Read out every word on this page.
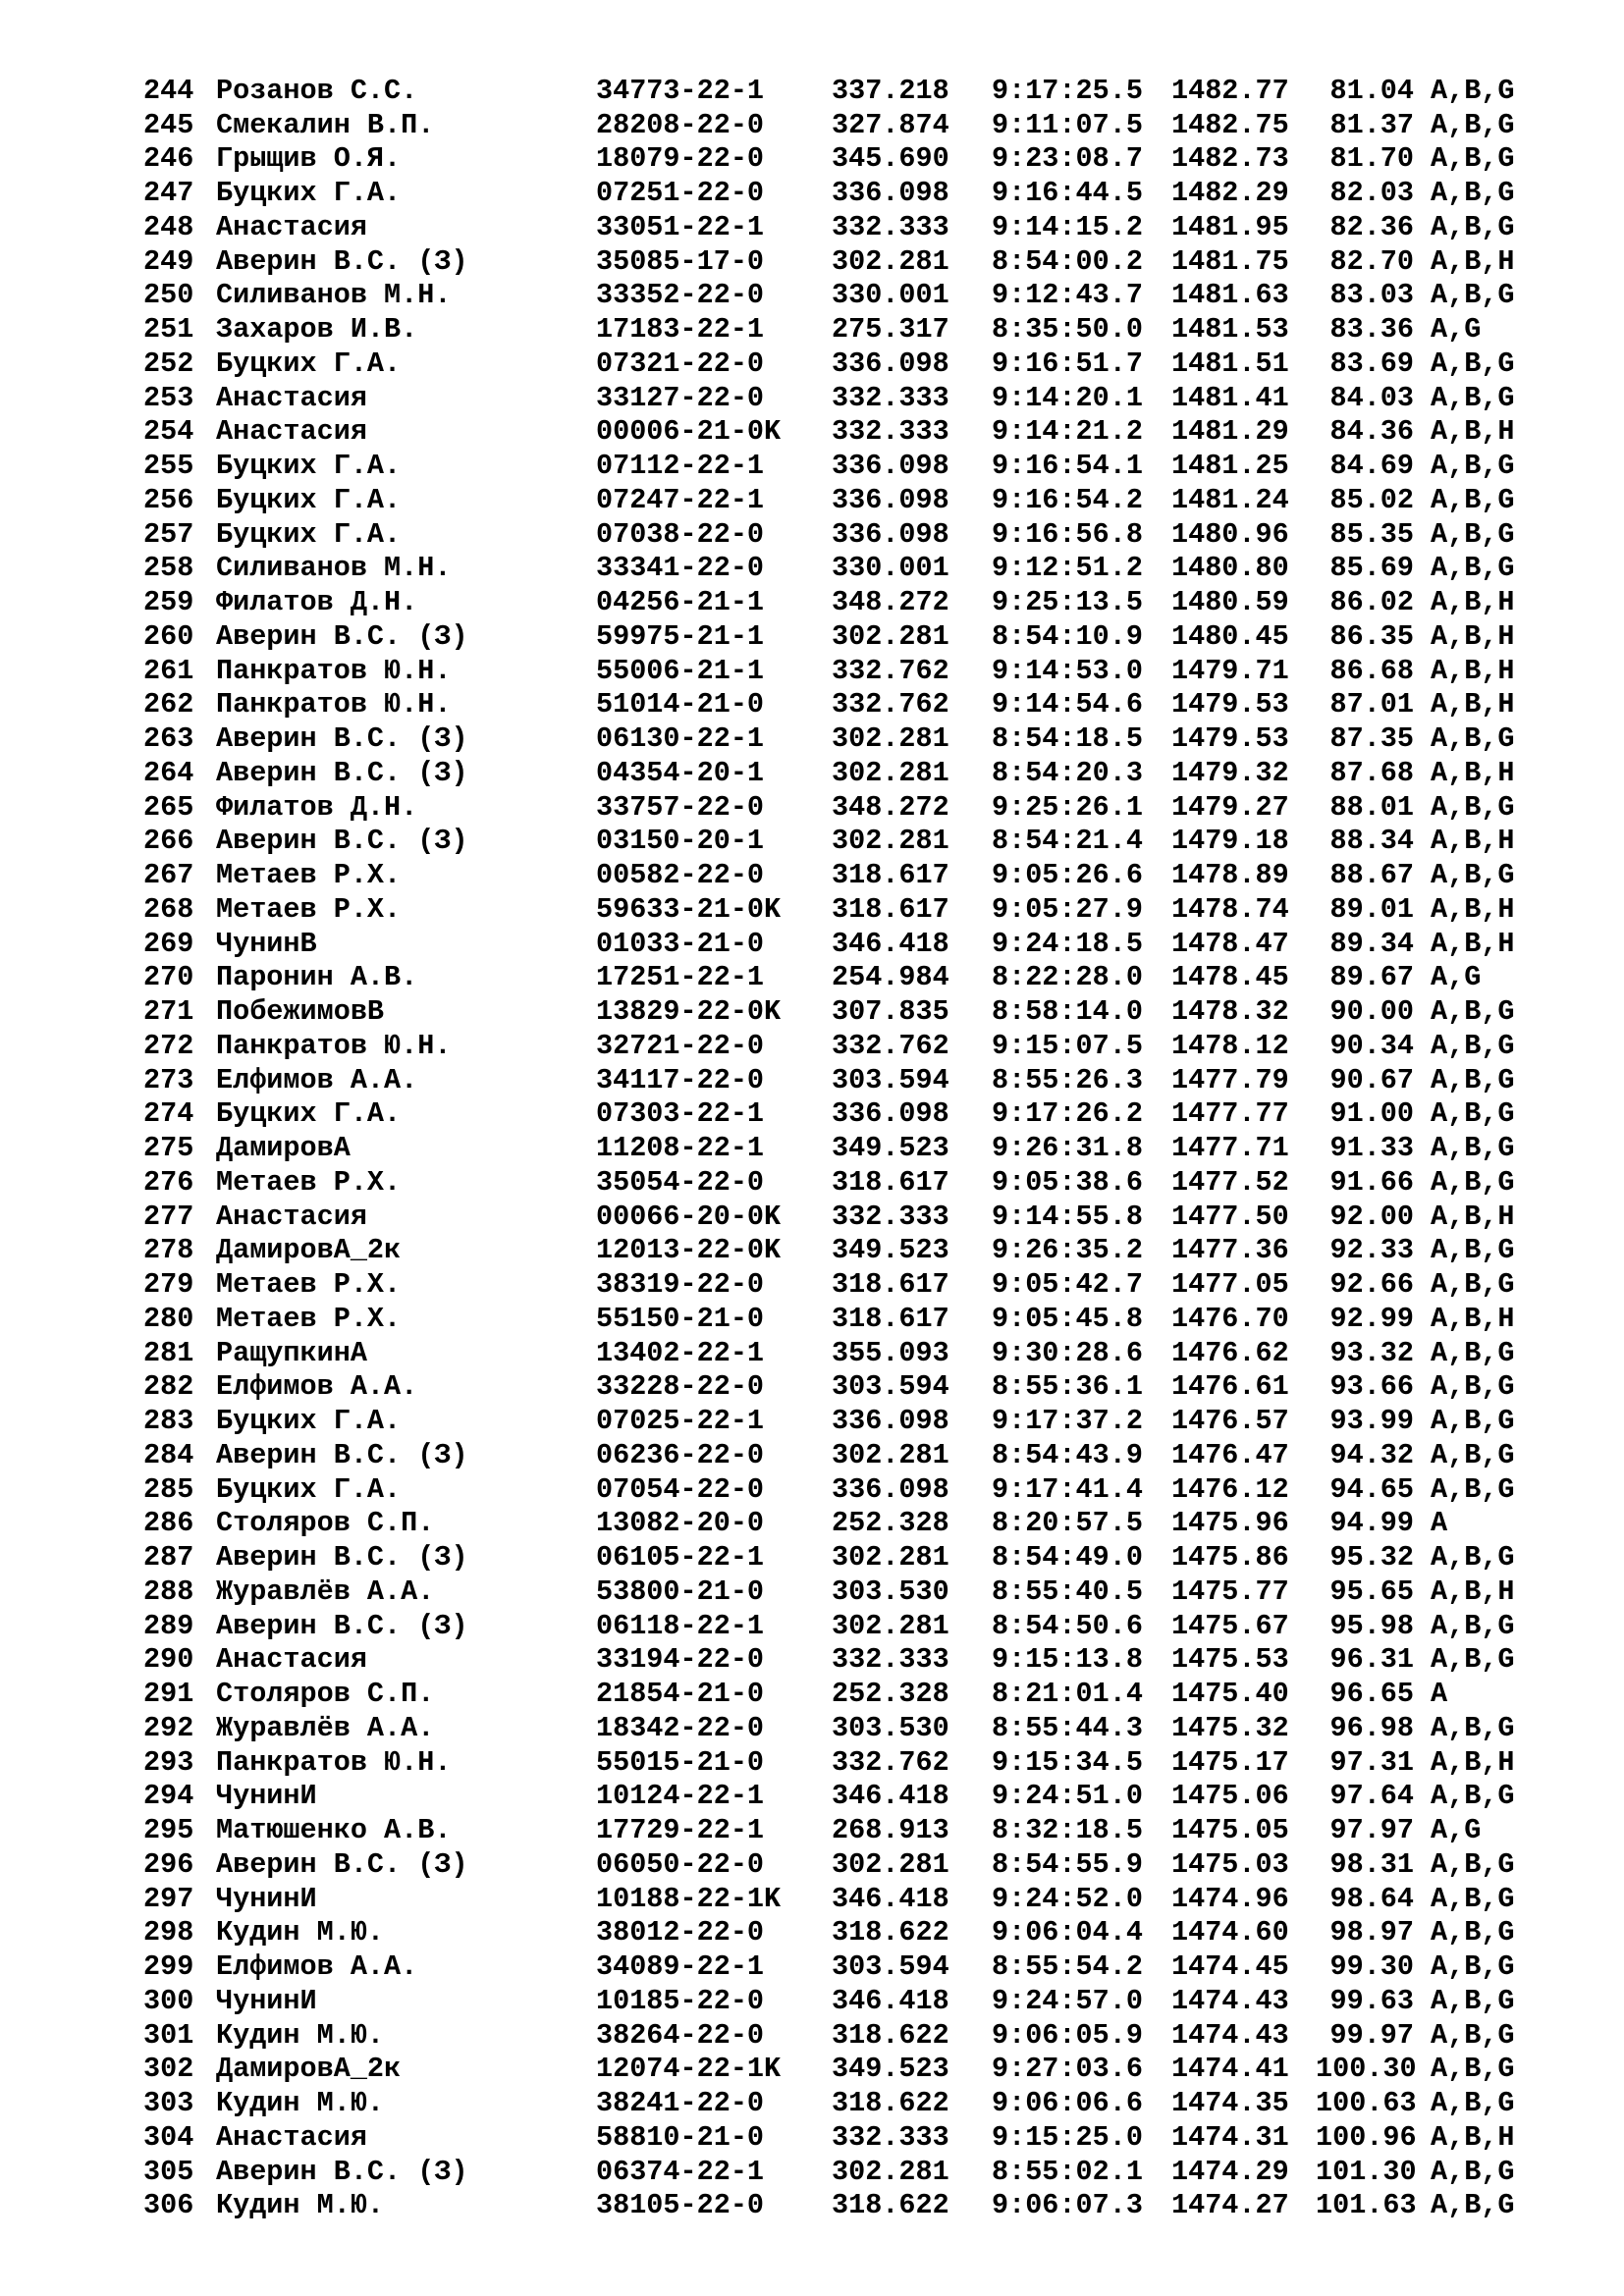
244 Розанов С.С.	34773-22-1	337.218	9:17:25.5	1482.77	81.04 A,B,G
245 Смекалин В.П.	28208-22-0	327.874	9:11:07.5	1482.75	81.37 A,B,G
246 Грыщив О.Я.	18079-22-0	345.690	9:23:08.7	1482.73	81.70 A,B,G
247 Буцких Г.А.	07251-22-0	336.098	9:16:44.5	1482.29	82.03 A,B,G
248 Анастасия	33051-22-1	332.333	9:14:15.2	1481.95	82.36 A,B,G
249 Аверин В.С. (З)	35085-17-0	302.281	8:54:00.2	1481.75	82.70 A,B,H
250 Силиванов М.Н.	33352-22-0	330.001	9:12:43.7	1481.63	83.03 A,B,G
251 Захаров И.В.	17183-22-1	275.317	8:35:50.0	1481.53	83.36 A,G
252 Буцких Г.А.	07321-22-0	336.098	9:16:51.7	1481.51	83.69 A,B,G
253 Анастасия	33127-22-0	332.333	9:14:20.1	1481.41	84.03 A,B,G
254 Анастасия	00006-21-0K	332.333	9:14:21.2	1481.29	84.36 A,B,H
255 Буцких Г.А.	07112-22-1	336.098	9:16:54.1	1481.25	84.69 A,B,G
256 Буцких Г.А.	07247-22-1	336.098	9:16:54.2	1481.24	85.02 A,B,G
257 Буцких Г.А.	07038-22-0	336.098	9:16:56.8	1480.96	85.35 A,B,G
258 Силиванов М.Н.	33341-22-0	330.001	9:12:51.2	1480.80	85.69 A,B,G
259 Филатов Д.Н.	04256-21-1	348.272	9:25:13.5	1480.59	86.02 A,B,H
260 Аверин В.С. (З)	59975-21-1	302.281	8:54:10.9	1480.45	86.35 A,B,H
261 Панкратов Ю.Н.	55006-21-1	332.762	9:14:53.0	1479.71	86.68 A,B,H
262 Панкратов Ю.Н.	51014-21-0	332.762	9:14:54.6	1479.53	87.01 A,B,H
263 Аверин В.С. (З)	06130-22-1	302.281	8:54:18.5	1479.53	87.35 A,B,G
264 Аверин В.С. (З)	04354-20-1	302.281	8:54:20.3	1479.32	87.68 A,B,H
265 Филатов Д.Н.	33757-22-0	348.272	9:25:26.1	1479.27	88.01 A,B,G
266 Аверин В.С. (З)	03150-20-1	302.281	8:54:21.4	1479.18	88.34 A,B,H
267 Метаев Р.Х.	00582-22-0	318.617	9:05:26.6	1478.89	88.67 A,B,G
268 Метаев Р.Х.	59633-21-0K	318.617	9:05:27.9	1478.74	89.01 A,B,H
269 ЧунинВ	01033-21-0	346.418	9:24:18.5	1478.47	89.34 A,B,H
270 Паронин А.В.	17251-22-1	254.984	8:22:28.0	1478.45	89.67 A,G
271 ПобежимовВ	13829-22-0K	307.835	8:58:14.0	1478.32	90.00 A,B,G
272 Панкратов Ю.Н.	32721-22-0	332.762	9:15:07.5	1478.12	90.34 A,B,G
273 Елфимов А.А.	34117-22-0	303.594	8:55:26.3	1477.79	90.67 A,B,G
274 Буцких Г.А.	07303-22-1	336.098	9:17:26.2	1477.77	91.00 A,B,G
275 ДамировА	11208-22-1	349.523	9:26:31.8	1477.71	91.33 A,B,G
276 Метаев Р.Х.	35054-22-0	318.617	9:05:38.6	1477.52	91.66 A,B,G
277 Анастасия	00066-20-0K	332.333	9:14:55.8	1477.50	92.00 A,B,H
278 ДамировА_2к	12013-22-0K	349.523	9:26:35.2	1477.36	92.33 A,B,G
279 Метаев Р.Х.	38319-22-0	318.617	9:05:42.7	1477.05	92.66 A,B,G
280 Метаев Р.Х.	55150-21-0	318.617	9:05:45.8	1476.70	92.99 A,B,H
281 РащупкинА	13402-22-1	355.093	9:30:28.6	1476.62	93.32 A,B,G
282 Елфимов А.А.	33228-22-0	303.594	8:55:36.1	1476.61	93.66 A,B,G
283 Буцких Г.А.	07025-22-1	336.098	9:17:37.2	1476.57	93.99 A,B,G
284 Аверин В.С. (З)	06236-22-0	302.281	8:54:43.9	1476.47	94.32 A,B,G
285 Буцких Г.А.	07054-22-0	336.098	9:17:41.4	1476.12	94.65 A,B,G
286 Столяров С.П.	13082-20-0	252.328	8:20:57.5	1475.96	94.99 A
287 Аверин В.С. (З)	06105-22-1	302.281	8:54:49.0	1475.86	95.32 A,B,G
288 Журавлёв А.А.	53800-21-0	303.530	8:55:40.5	1475.77	95.65 A,B,H
289 Аверин В.С. (З)	06118-22-1	302.281	8:54:50.6	1475.67	95.98 A,B,G
290 Анастасия	33194-22-0	332.333	9:15:13.8	1475.53	96.31 A,B,G
291 Столяров С.П.	21854-21-0	252.328	8:21:01.4	1475.40	96.65 A
292 Журавлёв А.А.	18342-22-0	303.530	8:55:44.3	1475.32	96.98 A,B,G
293 Панкратов Ю.Н.	55015-21-0	332.762	9:15:34.5	1475.17	97.31 A,B,H
294 ЧунинИ	10124-22-1	346.418	9:24:51.0	1475.06	97.64 A,B,G
295 Матюшенко А.В.	17729-22-1	268.913	8:32:18.5	1475.05	97.97 A,G
296 Аверин В.С. (З)	06050-22-0	302.281	8:54:55.9	1475.03	98.31 A,B,G
297 ЧунинИ	10188-22-1K	346.418	9:24:52.0	1474.96	98.64 A,B,G
298 Кудин М.Ю.	38012-22-0	318.622	9:06:04.4	1474.60	98.97 A,B,G
299 Елфимов А.А.	34089-22-1	303.594	8:55:54.2	1474.45	99.30 A,B,G
300 ЧунинИ	10185-22-0	346.418	9:24:57.0	1474.43	99.63 A,B,G
301 Кудин М.Ю.	38264-22-0	318.622	9:06:05.9	1474.43	99.97 A,B,G
302 ДамировА_2к	12074-22-1K	349.523	9:27:03.6	1474.41 100.30 A,B,G
303 Кудин М.Ю.	38241-22-0	318.622	9:06:06.6	1474.35 100.63 A,B,G
304 Анастасия	58810-21-0	332.333	9:15:25.0	1474.31 100.96 A,B,H
305 Аверин В.С. (З)	06374-22-1	302.281	8:55:02.1	1474.29 101.30 A,B,G
306 Кудин М.Ю.	38105-22-0	318.622	9:06:07.3	1474.27 101.63 A,B,G
